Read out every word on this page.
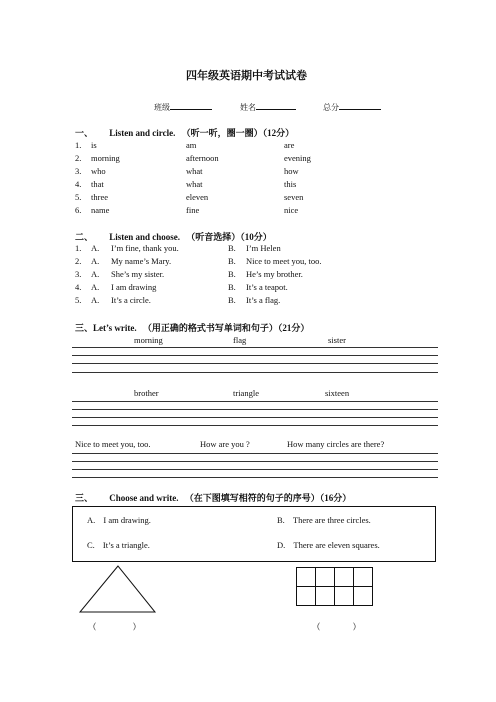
四年级英语期中考试试卷
班级	姓名	总分
一、 Listen and circle. （听一听，圈一圈）（12分）
1. is	am	are
2. morning	afternoon	evening
3. who	what	how
4. that	what	this
5. three	eleven	seven
6. name	fine	nice
二、 Listen and choose. （听音选择）（10分）
1. A. I’m fine, thank you.	B. I’m Helen
2. A. My name’s Mary.	B. Nice to meet you, too.
3. A. She’s my sister.	B. He’s my brother.
4. A. I am drawing	B. It’s a teapot.
5. A. It’s a circle.	B. It’s a flag.
三、Let’s write. （用正确的格式书写单词和句子）（21分）
morning	flag	sister
brother	triangle	sixteen
Nice to meet you, too.	How are you ?	How many circles are there?
三、 Choose and write. （在下图填写相符的句子的序号）（16分）
A. I am drawing.	B. There are three circles.
C. It’s a triangle.	D. There are eleven squares.

（	）	（	）
